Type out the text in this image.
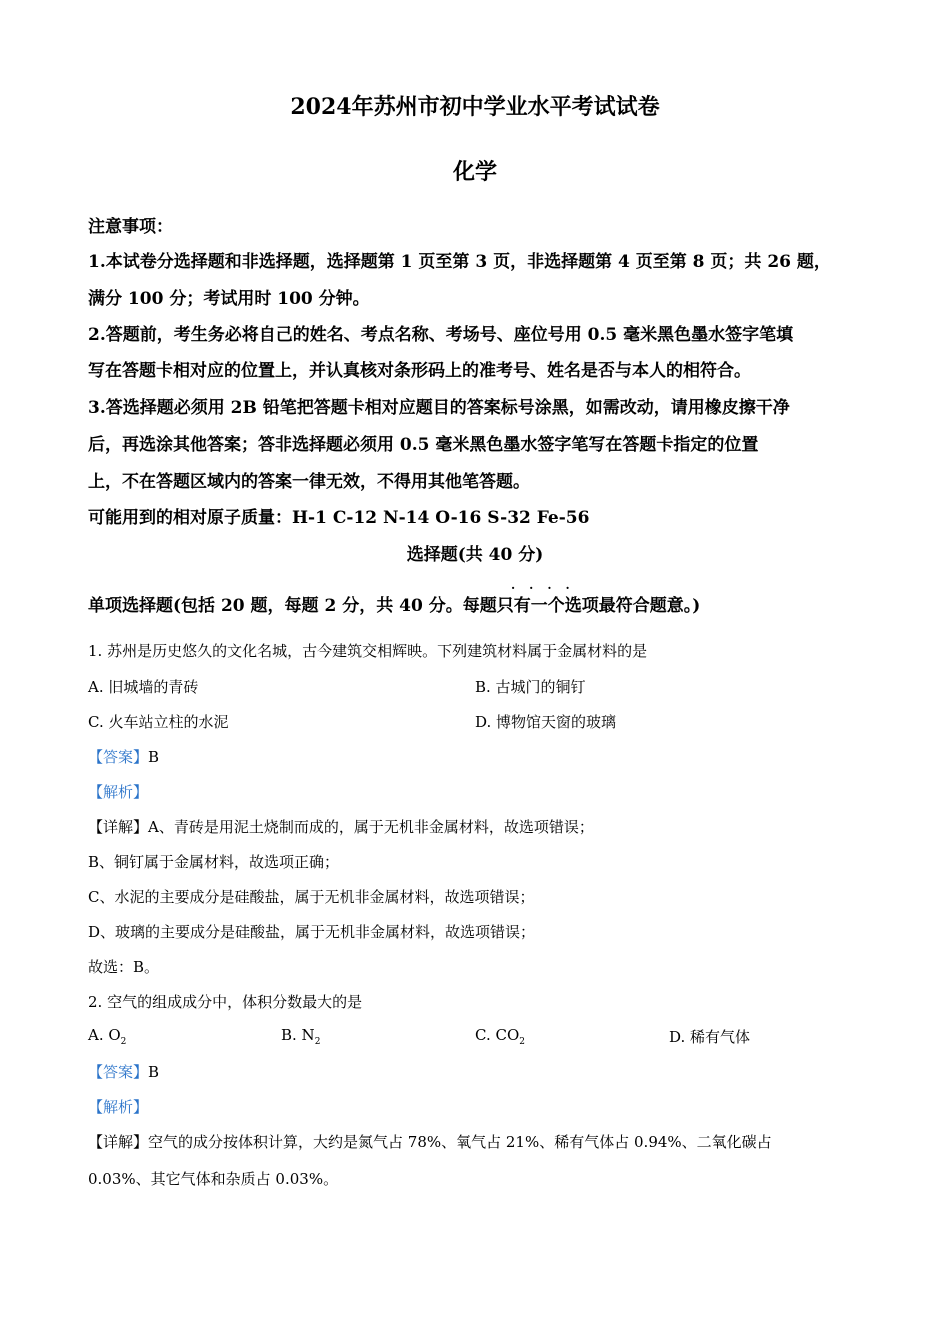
2024年苏州市初中学业水平考试试卷
化学
注意事项：
1.本试卷分选择题和非选择题，选择题第 1 页至第 3 页，非选择题第 4 页至第 8 页；共 26 题，
满分 100 分；考试用时 100 分钟。
2.答题前，考生务必将自己的姓名、考点名称、考场号、座位号用 0.5 毫米黑色墨水签字笔填
写在答题卡相对应的位置上，并认真核对条形码上的准考号、姓名是否与本人的相符合。
3.答选择题必须用 2B 铅笔把答题卡相对应题目的答案标号涂黑，如需改动，请用橡皮擦干净
后，再选涂其他答案；答非选择题必须用 0.5 毫米黑色墨水签字笔写在答题卡指定的位置
上，不在答题区域内的答案一律无效，不得用其他笔答题。
可能用到的相对原子质量：H-1 C-12 N-14 O-16 S-32 Fe-56
选择题(共 40 分)
····
单项选择题(包括 20 题，每题 2 分，共 40 分。每题只有一个选项最符合题意。)
1. 苏州是历史悠久的文化名城，古今建筑交相辉映。下列建筑材料属于金属材料的是
A. 旧城墙的青砖	B. 古城门的铜钉
C. 火车站立柱的水泥	D. 博物馆天窗的玻璃
【答案】B
【解析】
【详解】A、青砖是用泥土烧制而成的，属于无机非金属材料，故选项错误；
B、铜钉属于金属材料，故选项正确；
C、水泥的主要成分是硅酸盐，属于无机非金属材料，故选项错误；
D、玻璃的主要成分是硅酸盐，属于无机非金属材料，故选项错误；
故选：B。
2. 空气的组成成分中，体积分数最大的是
A. $O_2$	B. $N_2$	C. $CO_2$	D. 稀有气体
【答案】B
【解析】
【详解】空气的成分按体积计算，大约是氮气占 78%、氧气占 21%、稀有气体占 0.94%、二氧化碳占
0.03%、其它气体和杂质占 0.03%。
